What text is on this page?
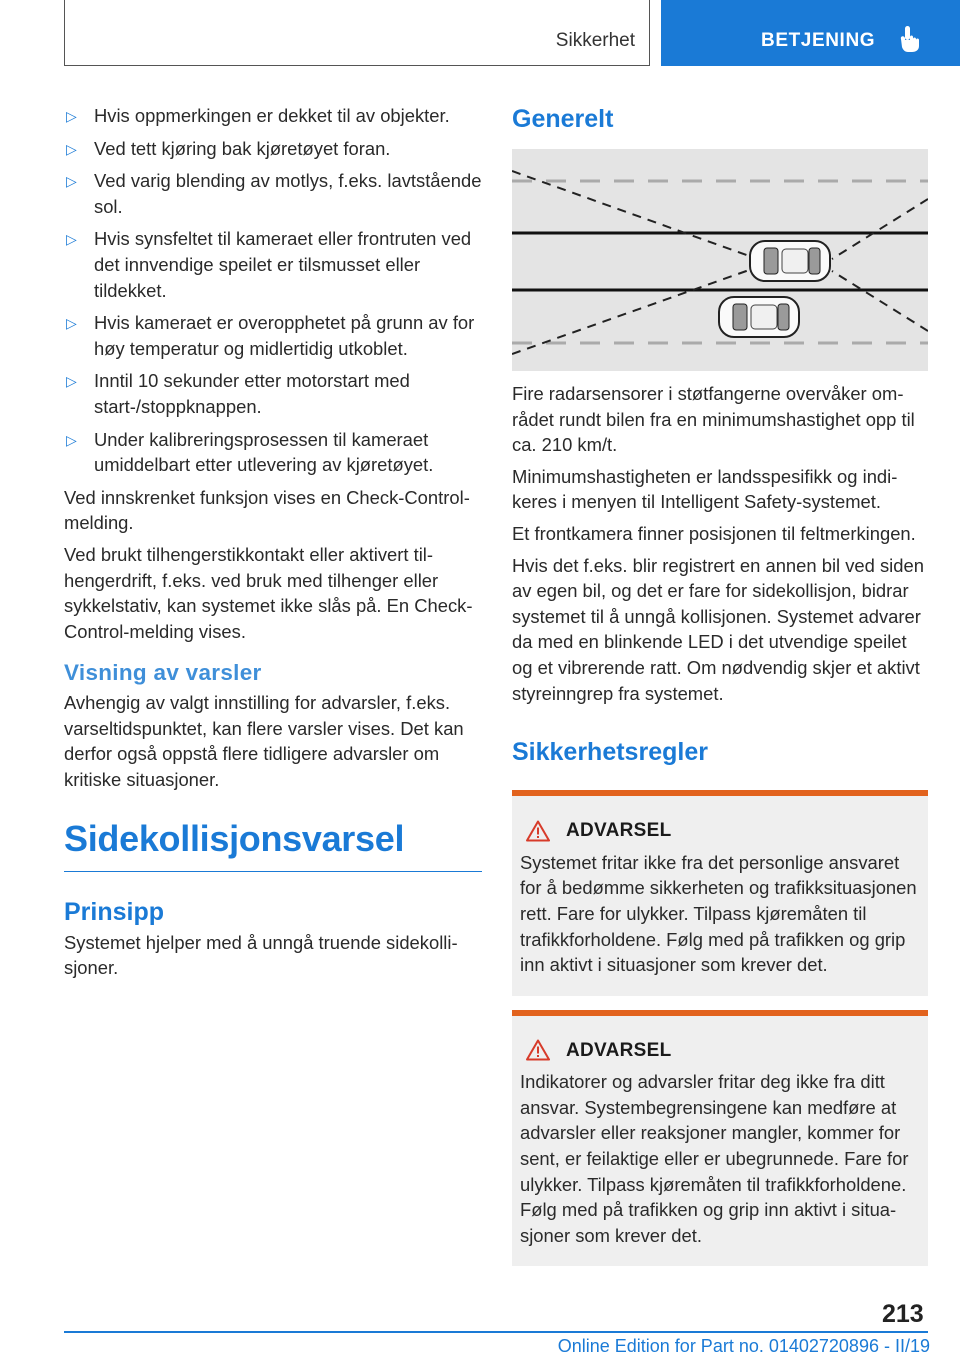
Sikkerhet	BETJENING
▷ Hvis oppmerkingen er dekket til av objekter.
▷ Ved tett kjøring bak kjøretøyet foran.
▷ Ved varig blending av motlys, f.eks. lavtstående sol.
▷ Hvis synsfeltet til kameraet eller frontruten ved det innvendige speilet er tilsmusset eller tildekket.
▷ Hvis kameraet er overopphetet på grunn av for høy temperatur og midlertidig utkoblet.
▷ Inntil 10 sekunder etter motorstart med start-/stoppknappen.
▷ Under kalibreringsprosessen til kameraet umiddelbart etter utlevering av kjøretøyet.

Ved innskrenket funksjon vises en Check-Control-melding.

Ved brukt tilhengerstikkontakt eller aktivert tilhengerdrift, f.eks. ved bruk med tilhenger eller sykkelstativ, kan systemet ikke slås på. En Check-Control-melding vises.

Visning av varsler

Avhengig av valgt innstilling for advarsler, f.eks. varseltidspunktet, kan flere varsler vises. Det kan derfor også oppstå flere tidligere advarsler om kritiske situasjoner.

Sidekollisjonsvarsel
Prinsipp

Systemet hjelper med å unngå truende sidekollisjoner.

Generelt

Fire radarsensorer i støtfangerne overvåker området rundt bilen fra en minimumshastighet opp til ca. 210 km/t.

Minimumshastigheten er landsspesifikk og indikeres i menyen til Intelligent Safety-systemet.

Et frontkamera finner posisjonen til feltmerkingen.

Hvis det f.eks. blir registrert en annen bil ved siden av egen bil, og det er fare for sidekollisjon, bidrar systemet til å unngå kollisjonen. Systemet advarer da med en blinkende LED i det utvendige speilet og et vibrerende ratt. Om nødvendig skjer et aktivt styreinngrep fra systemet.

Sikkerhetsregler
ADVARSEL

Systemet fritar ikke fra det personlige ansvaret for å bedømme sikkerheten og trafikksituasjonen rett. Fare for ulykker. Tilpass kjøremåten til trafikkforholdene. Følg med på trafikken og grip inn aktivt i situasjoner som krever det.

ADVARSEL

Indikatorer og advarsler fritar deg ikke fra ditt ansvar. Systembegrensingene kan medføre at advarsler eller reaksjoner mangler, kommer for sent, er feilaktige eller er ubegrunnede. Fare for ulykker. Tilpass kjøremåten til trafikkforholdene. Følg med på trafikken og grip inn aktivt i situasjoner som krever det.

213
Online Edition for Part no. 01402720896 - II/19
